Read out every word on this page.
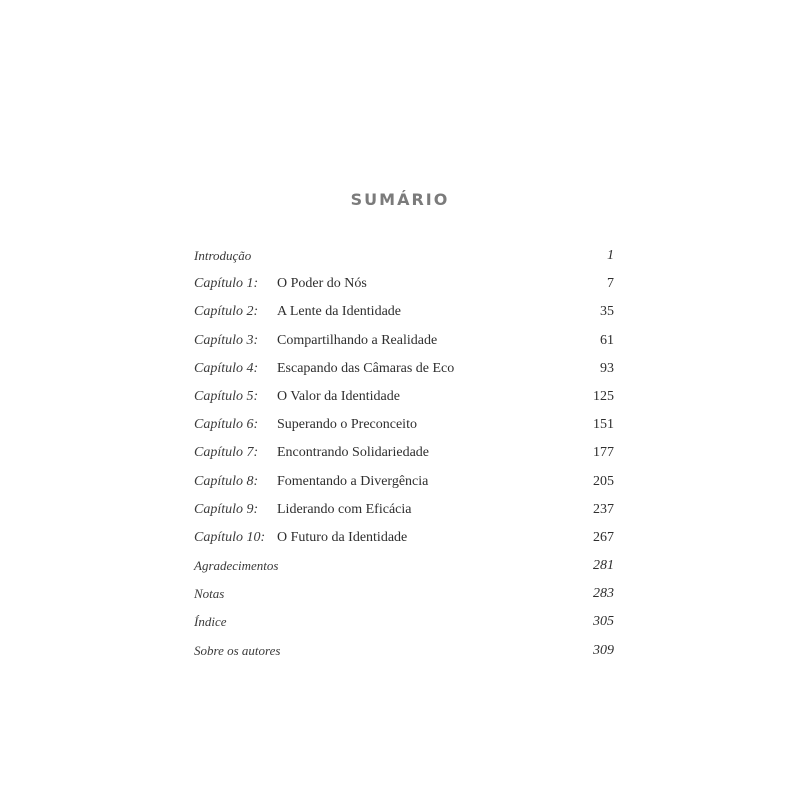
SUMÁRIO
Introdução	1
Capítulo 1: O Poder do Nós	7
Capítulo 2: A Lente da Identidade	35
Capítulo 3: Compartilhando a Realidade	61
Capítulo 4: Escapando das Câmaras de Eco	93
Capítulo 5: O Valor da Identidade	125
Capítulo 6: Superando o Preconceito	151
Capítulo 7: Encontrando Solidariedade	177
Capítulo 8: Fomentando a Divergência	205
Capítulo 9: Liderando com Eficácia	237
Capítulo 10: O Futuro da Identidade	267
Agradecimentos	281
Notas	283
Índice	305
Sobre os autores	309
